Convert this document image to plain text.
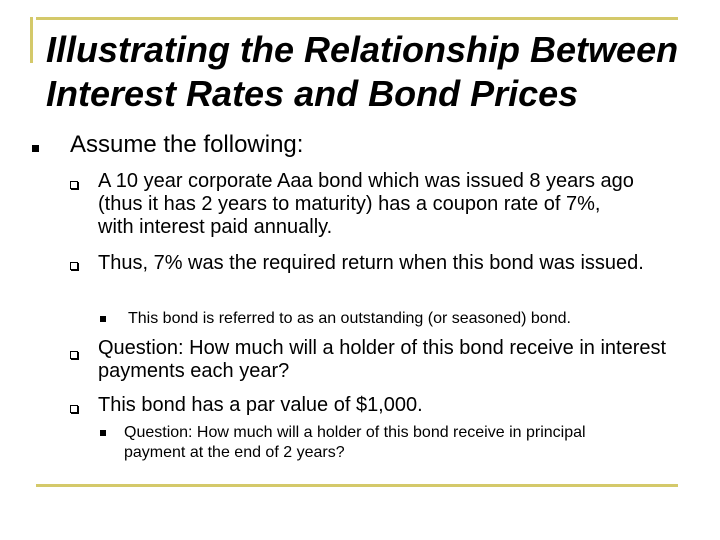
Illustrating the Relationship Between Interest Rates and Bond Prices
Assume the following:
A 10 year corporate Aaa bond which was issued 8 years ago (thus it has 2 years to maturity) has a coupon rate of 7%, with interest paid annually.
Thus, 7% was the required return when this bond was issued.
This bond is referred to as an outstanding (or seasoned) bond.
Question: How much will a holder of this bond receive in interest payments each year?
This bond has a par value of $1,000.
Question: How much will a holder of this bond receive in principal payment at the end of 2 years?
